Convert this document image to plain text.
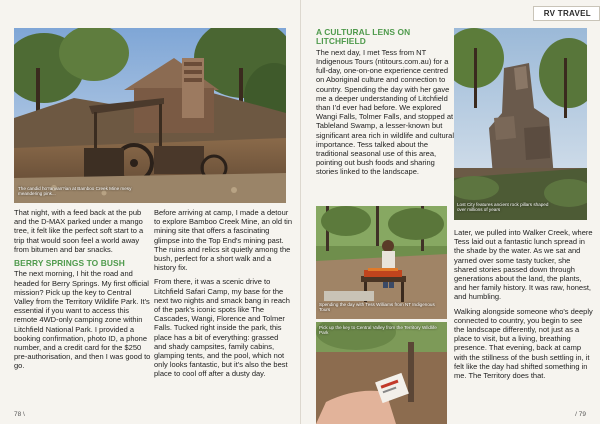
The candid ho?anvan?ian at Bamboo Creek Mine mesy meandering pink...

That night, with a feed back at the pub and the D-MAX parked under a mango tree, it felt like the perfect soft start to a trip that would soon feel a world away from bitumen and bar snacks.

BERRY SPRINGS TO BUSH

The next morning, I hit the road and headed for Berry Springs. My first official mission? Pick up the key to Central Valley from the Territory Wildlife Park. It's essential if you want to access this remote 4WD-only camping zone within Litchfield National Park. I provided a booking confirmation, photo ID, a phone number, and a credit card for the $250 pre-authorisation, and then I was good to go.

Before arriving at camp, I made a detour to explore Bamboo Creek Mine, an old tin mining site that offers a fascinating glimpse into the Top End's mining past. The ruins and relics sit quietly among the bush, perfect for a short walk and a history fix.

From there, it was a scenic drive to Litchfield Safari Camp, my base for the next two nights and smack bang in reach of the park's iconic spots like The Cascades, Wangi, Florence and Tolmer Falls. Tucked right inside the park, this place has a bit of everything: grassed and shady campsites, family cabins, glamping tents, and the pool, which not only looks fantastic, but it's also the best place to cool off after a dusty day.

78 \
RV TRAVEL
A CULTURAL LENS ON LITCHFIELD

The next day, I met Tess from NT Indigenous Tours (ntitours.com.au) for a full-day, one-on-one experience centred on Aboriginal culture and connection to country. Spending the day with her gave me a deeper understanding of Litchfield than I'd ever had before. We explored Wangi Falls, Tolmer Falls, and stopped at Tableland Swamp, a lesser-known but significant area rich in wildlife and cultural importance. Tess talked about the traditional seasonal use of this area, pointing out bush foods and sharing stories linked to the landscape.

Spending the day with Tess Williams from NT Indigenous Tours
Pick up the key to Central Valley from the Territory Wildlife Park
Lost City features ancient rock pillars shaped over millions of years

Later, we pulled into Walker Creek, where Tess laid out a fantastic lunch spread in the shade by the water. As we sat and yarned over some tasty tucker, she shared stories passed down through generations about the land, the plants, and her family history. It was raw, honest, and humbling.

Walking alongside someone who's deeply connected to country, you begin to see the landscape differently, not just as a place to visit, but a living, breathing presence. That evening, back at camp with the stillness of the bush settling in, it felt like the day had shifted something in me. The Territory does that.

/ 79
